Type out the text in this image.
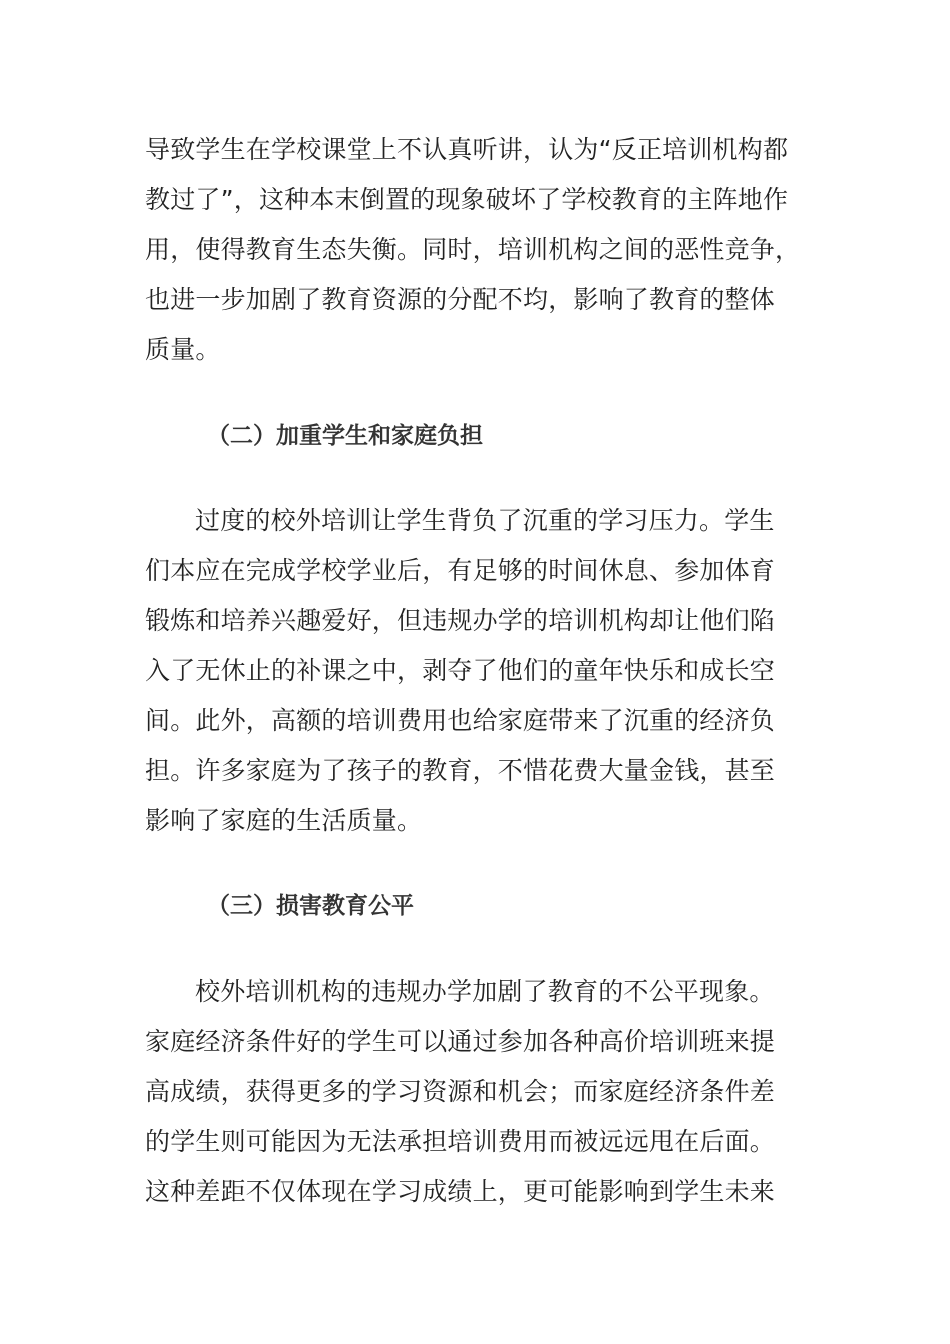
导致学生在学校课堂上不认真听讲，认为“反正培训机构都
教过了”，这种本末倒置的现象破坏了学校教育的主阵地作
用，使得教育生态失衡。同时，培训机构之间的恶性竞争，
也进一步加剧了教育资源的分配不均，影响了教育的整体
质量。
（二）加重学生和家庭负担
过度的校外培训让学生背负了沉重的学习压力。学生
们本应在完成学校学业后，有足够的时间休息、参加体育
锻炼和培养兴趣爱好，但违规办学的培训机构却让他们陷
入了无休止的补课之中，剥夺了他们的童年快乐和成长空
间。此外，高额的培训费用也给家庭带来了沉重的经济负
担。许多家庭为了孩子的教育，不惜花费大量金钱，甚至
影响了家庭的生活质量。
（三）损害教育公平
校外培训机构的违规办学加剧了教育的不公平现象。
家庭经济条件好的学生可以通过参加各种高价培训班来提
高成绩，获得更多的学习资源和机会；而家庭经济条件差
的学生则可能因为无法承担培训费用而被远远甩在后面。
这种差距不仅体现在学习成绩上，更可能影响到学生未来
